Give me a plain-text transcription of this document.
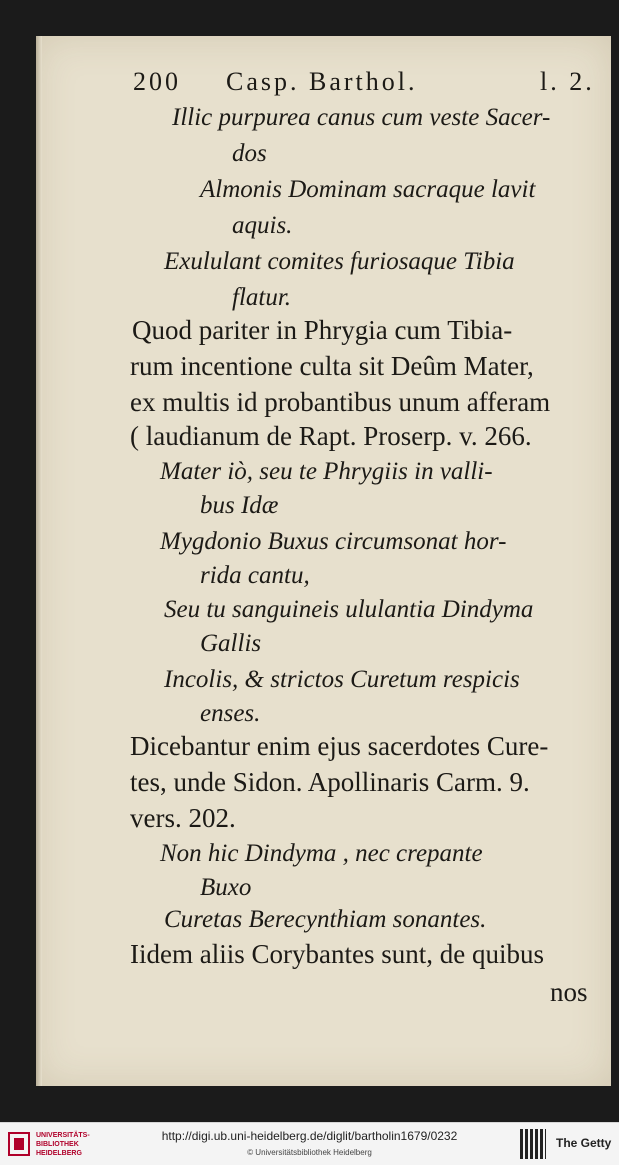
200 Casp. Barthol.	l. 2.
Illic purpurea canus cum veste Sacer-
dos
Almonis Dominam sacraque lavit
aquis.
Exululant comites furiosaque Tibia
flatur.
Quod pariter in Phrygia cum Tibia-
rum incentione culta sit Deûm Mater,
ex multis id probantibus unum afferam
( laudianum de Rapt. Proserp. v. 266.
Mater iò, seu te Phrygiis in valli-
bus Idæ
Mygdonio Buxus circumsonat hor-
rida cantu,
Seu tu sanguineis ululantia Dindyma
Gallis
Incolis, & strictos Curetum respicis
enses.
Dicebantur enim ejus sacerdotes Cure-
tes, unde Sidon. Apollinaris Carm. 9.
vers. 202.
Non hic Dindyma , nec crepante
Buxo
Curetas Berecynthiam sonantes.
Iidem aliis Corybantes sunt, de quibus
nos
UNIVERSITÄTS- BIBLIOTHEK HEIDELBERG
http://digi.ub.uni-heidelberg.de/diglit/bartholin1679/0232
© Universitätsbibliothek Heidelberg
The Getty
